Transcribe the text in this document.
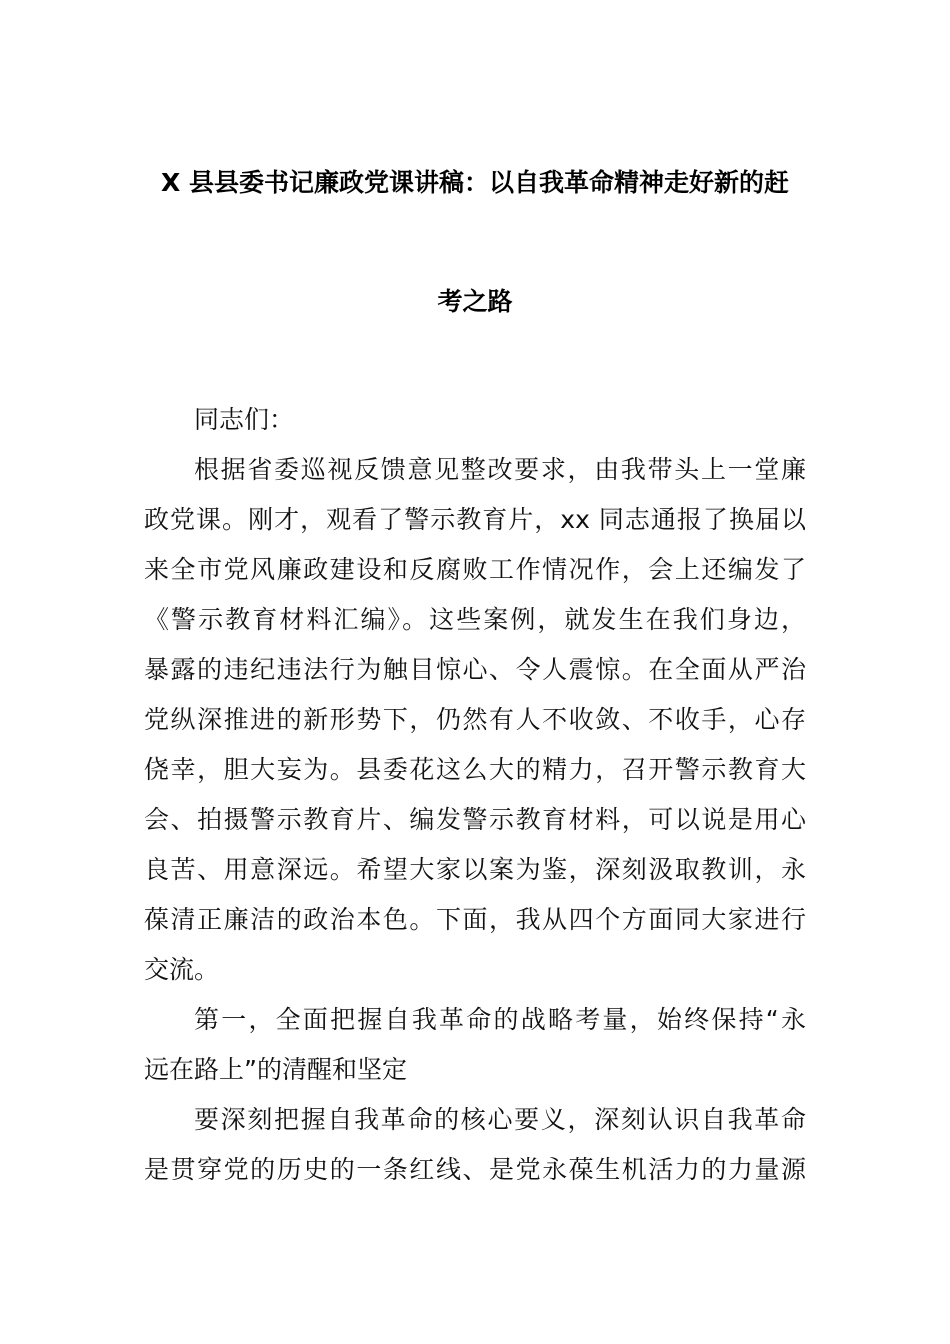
X 县县委书记廉政党课讲稿：以自我革命精神走好新的赶
考之路
同志们：
根据省委巡视反馈意见整改要求，由我带头上一堂廉
政党课。刚才，观看了警示教育片，xx 同志通报了换届以
来全市党风廉政建设和反腐败工作情况作，会上还编发了
《警示教育材料汇编》。这些案例，就发生在我们身边，
暴露的违纪违法行为触目惊心、令人震惊。在全面从严治
党纵深推进的新形势下，仍然有人不收敛、不收手，心存
侥幸，胆大妄为。县委花这么大的精力，召开警示教育大
会、拍摄警示教育片、编发警示教育材料，可以说是用心
良苦、用意深远。希望大家以案为鉴，深刻汲取教训，永
葆清正廉洁的政治本色。下面，我从四个方面同大家进行
交流。
第一，全面把握自我革命的战略考量，始终保持“永
远在路上”的清醒和坚定
要深刻把握自我革命的核心要义，深刻认识自我革命
是贯穿党的历史的一条红线、是党永葆生机活力的力量源
